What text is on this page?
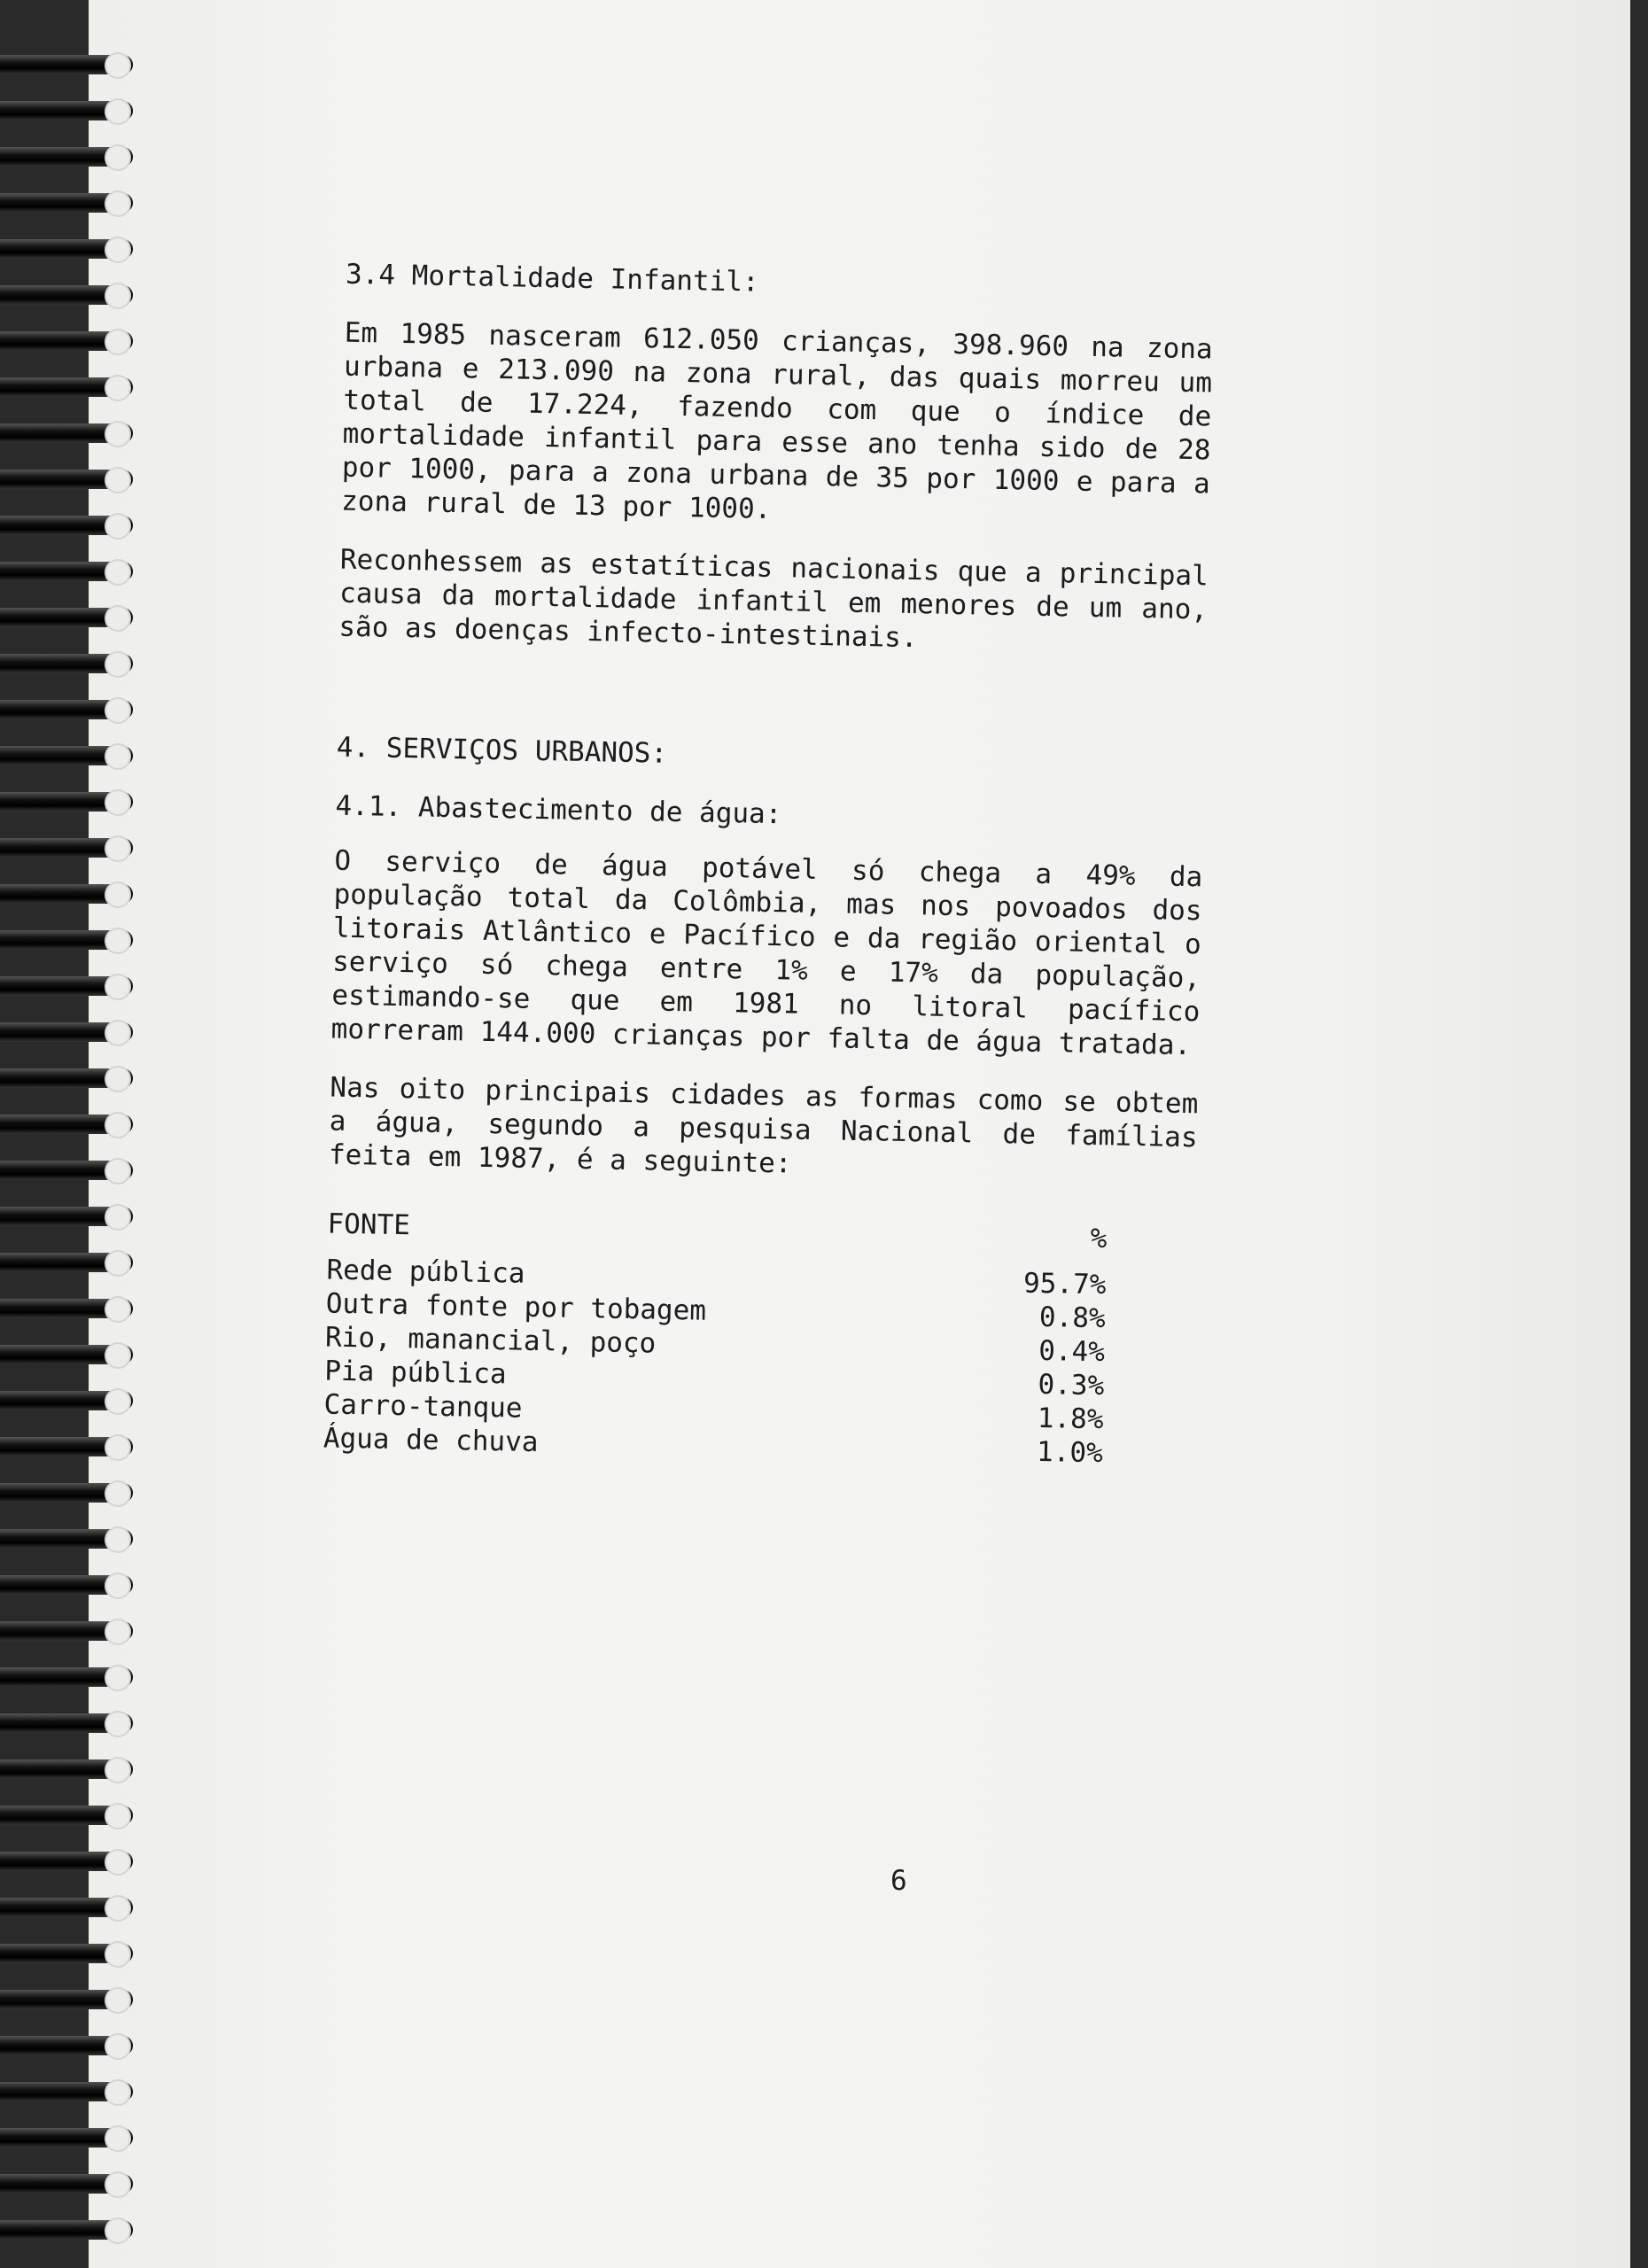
3.4 Mortalidade Infantil:

Em 1985 nasceram 612.050 crianças, 398.960 na zona urbana e 213.090 na zona rural, das quais morreu um total de 17.224, fazendo com que o índice de mortalidade infantil para esse ano tenha sido de 28 por 1000, para a zona urbana de 35 por 1000 e para a zona rural de 13 por 1000.

Reconhessem as estatíticas nacionais que a principal causa da mortalidade infantil em menores de um ano, são as doenças infecto-intestinais.

4. SERVIÇOS URBANOS:
4.1. Abastecimento de água:

O serviço de água potável só chega a 49% da população total da Colômbia, mas nos povoados dos litorais Atlântico e Pacífico e da região oriental o serviço só chega entre 1% e 17% da população, estimando-se que em 1981 no litoral pacífico morreram 144.000 crianças por falta de água tratada.

Nas oito principais cidades as formas como se obtem a água, segundo a pesquisa Nacional de famílias feita em 1987, é a seguinte:

FONTE	%
Rede pública	95.7%
Outra fonte por tobagem	0.8%
Rio, manancial, poço	0.4%
Pia pública	0.3%
Carro-tanque	1.8%
Água de chuva	1.0%
6
